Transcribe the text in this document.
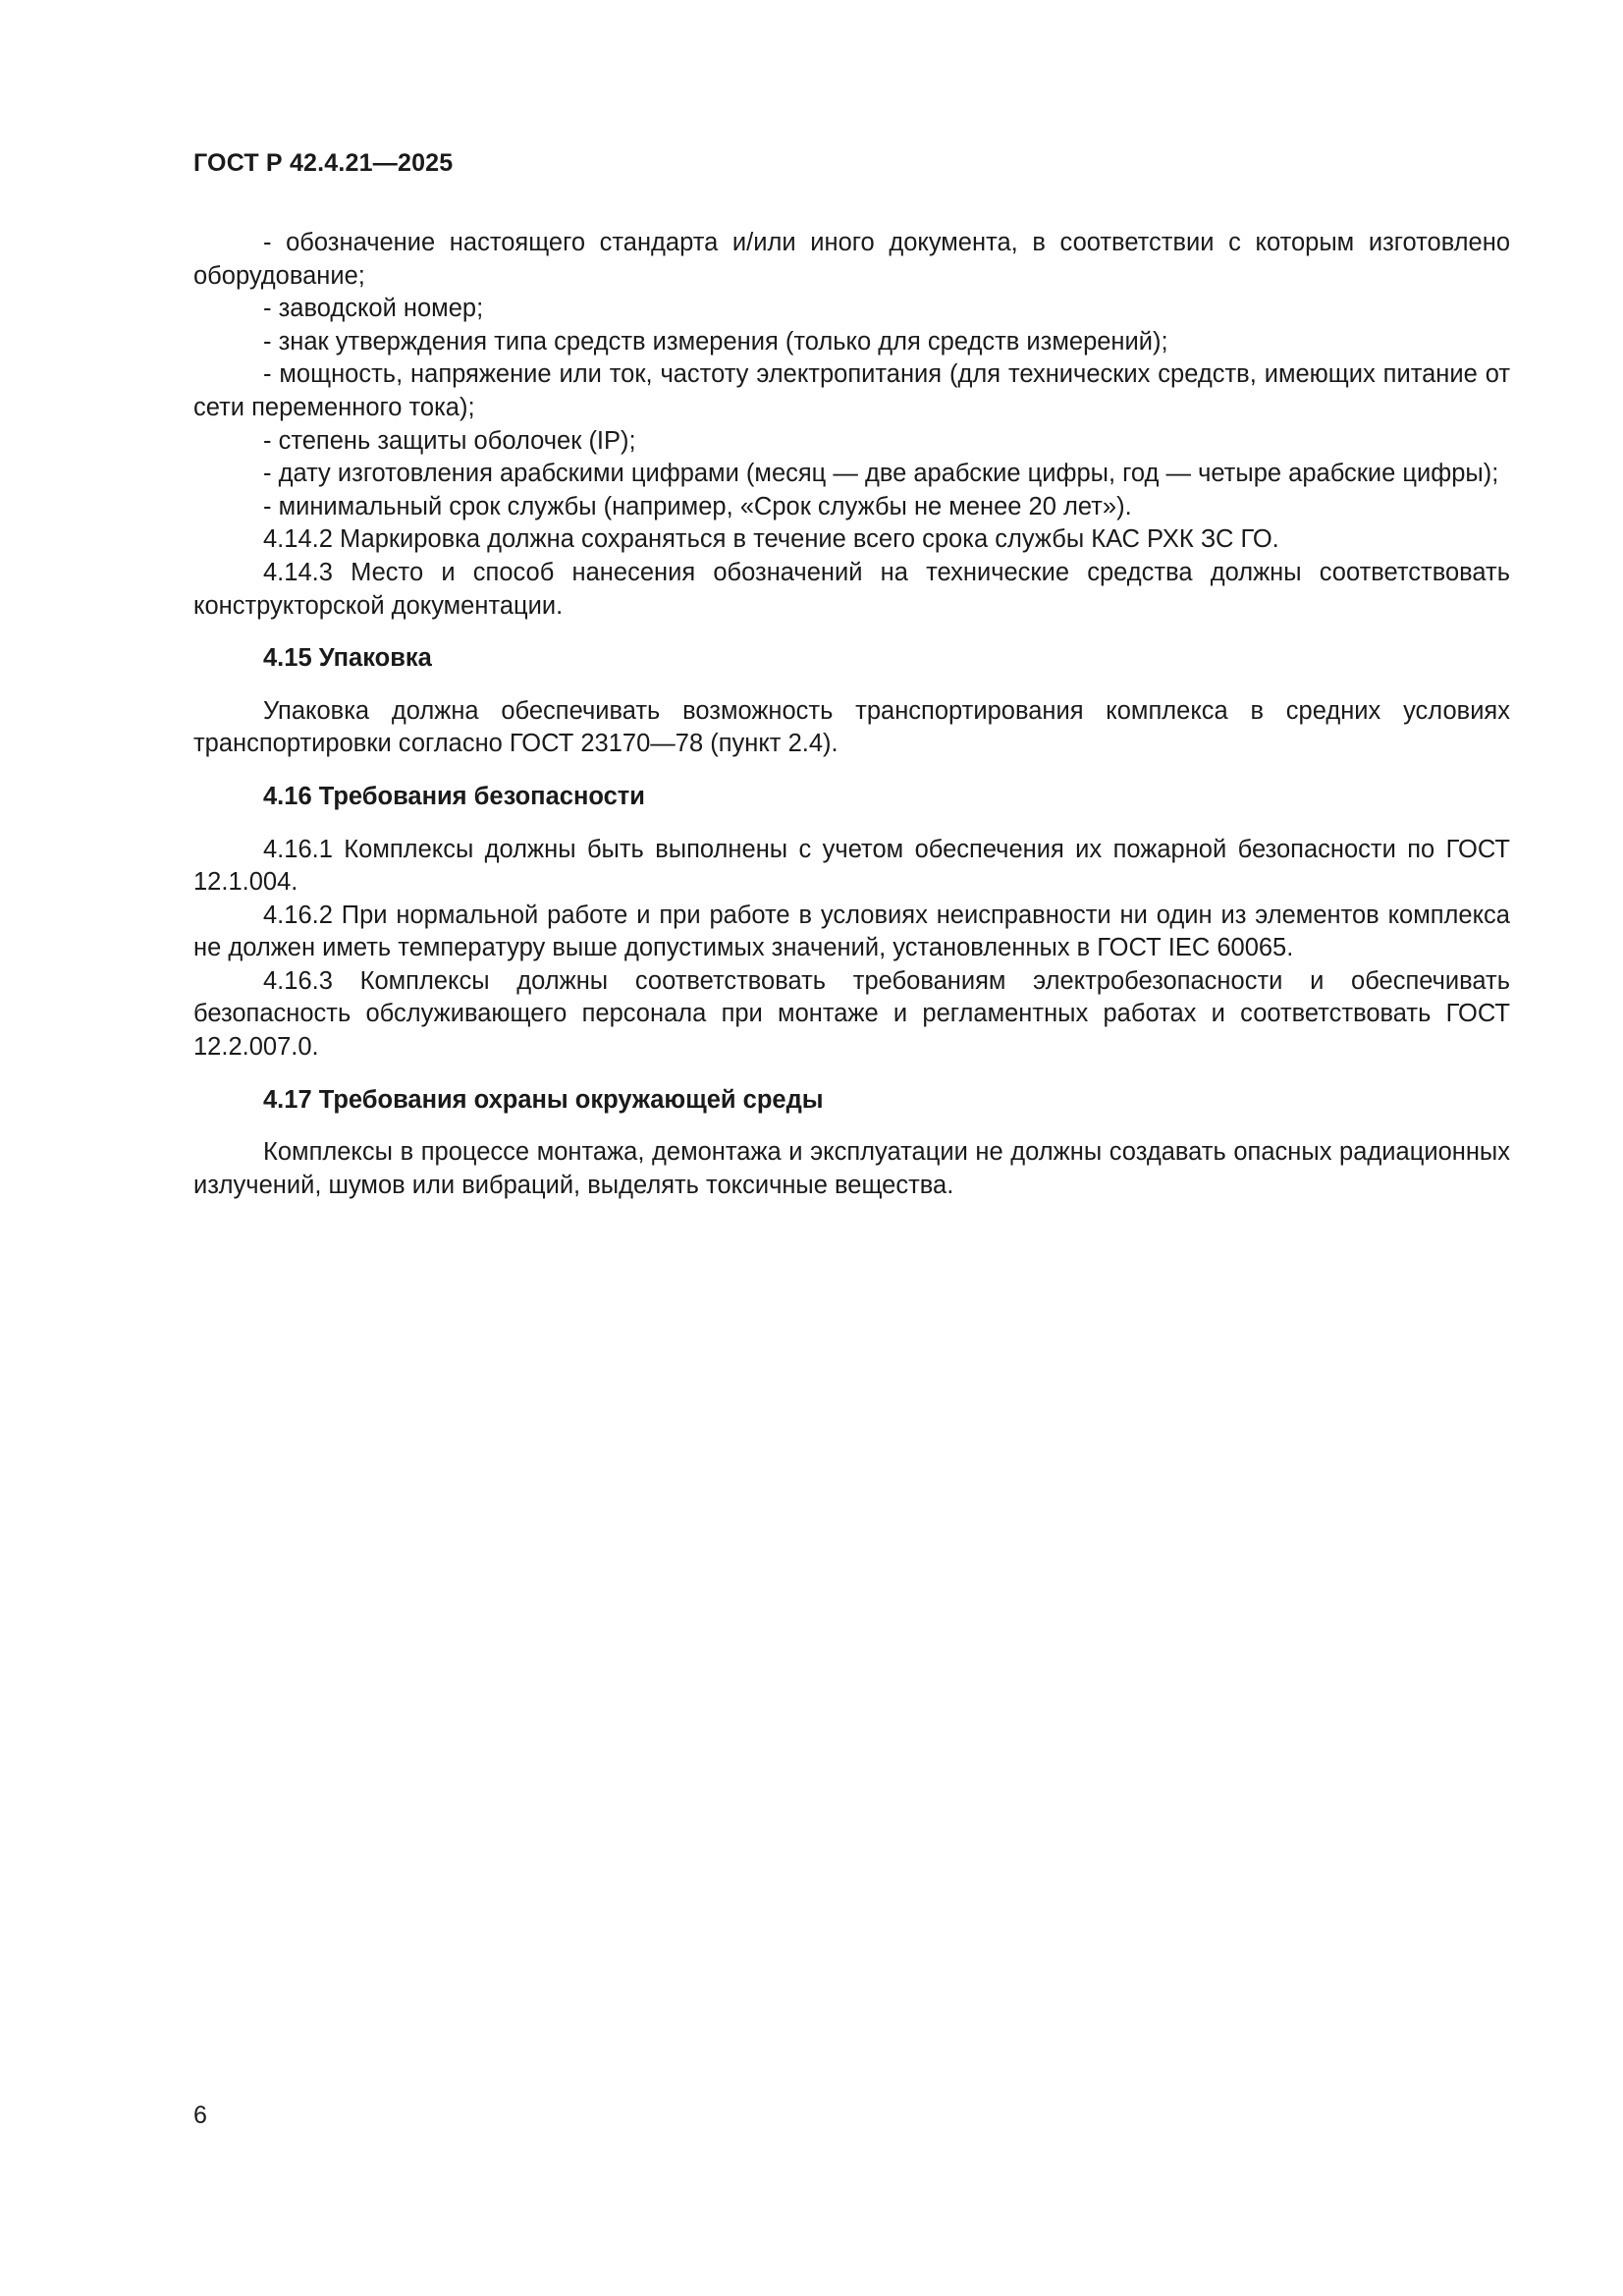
ГОСТ Р 42.4.21—2025

- обозначение настоящего стандарта и/или иного документа, в соответствии с которым изготовлено оборудование;

- заводской номер;

- знак утверждения типа средств измерения (только для средств измерений);

- мощность, напряжение или ток, частоту электропитания (для технических средств, имеющих питание от сети переменного тока);

- степень защиты оболочек (IP);

- дату изготовления арабскими цифрами (месяц — две арабские цифры, год — четыре арабские цифры);

- минимальный срок службы (например, «Срок службы не менее 20 лет»).

4.14.2 Маркировка должна сохраняться в течение всего срока службы КАС РХК ЗС ГО.

4.14.3 Место и способ нанесения обозначений на технические средства должны соответствовать конструкторской документации.

4.15 Упаковка

Упаковка должна обеспечивать возможность транспортирования комплекса в средних условиях транспортировки согласно ГОСТ 23170—78 (пункт 2.4).

4.16 Требования безопасности

4.16.1 Комплексы должны быть выполнены с учетом обеспечения их пожарной безопасности по ГОСТ 12.1.004.

4.16.2 При нормальной работе и при работе в условиях неисправности ни один из элементов комплекса не должен иметь температуру выше допустимых значений, установленных в ГОСТ IEC 60065.

4.16.3 Комплексы должны соответствовать требованиям электробезопасности и обеспечивать безопасность обслуживающего персонала при монтаже и регламентных работах и соответствовать ГОСТ 12.2.007.0.

4.17 Требования охраны окружающей среды

Комплексы в процессе монтажа, демонтажа и эксплуатации не должны создавать опасных радиационных излучений, шумов или вибраций, выделять токсичные вещества.

6
